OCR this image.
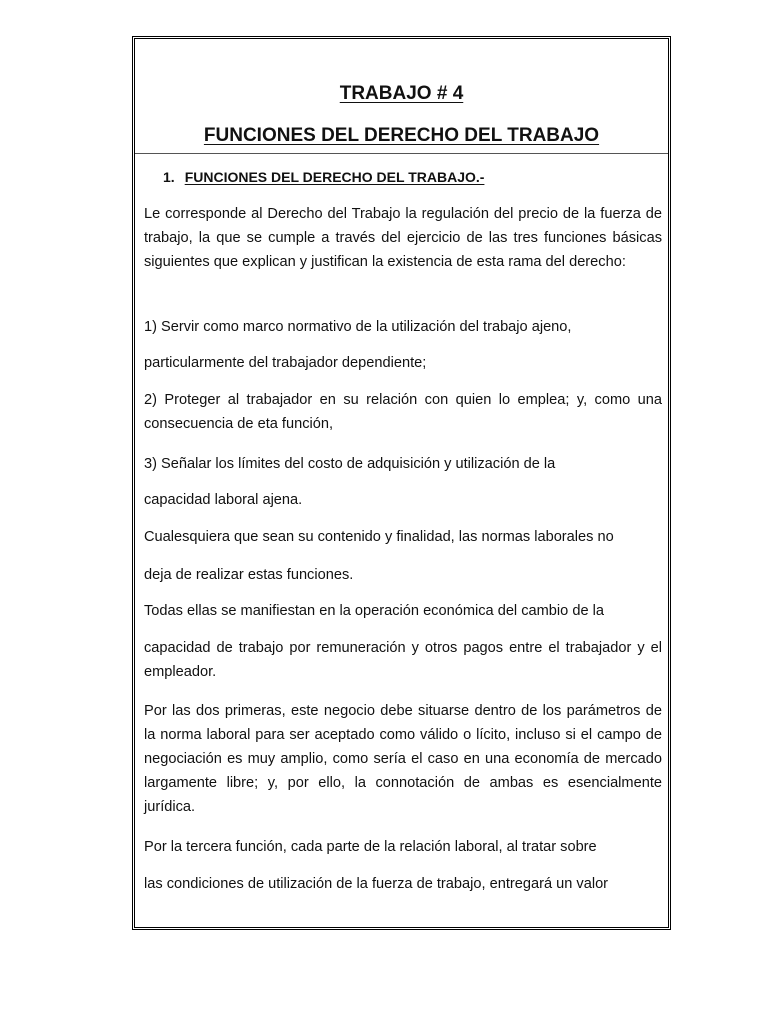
TRABAJO # 4
FUNCIONES DEL DERECHO DEL TRABAJO
1. FUNCIONES DEL DERECHO DEL TRABAJO.-

Le corresponde al Derecho del Trabajo la regulación del precio de la fuerza de trabajo, la que se cumple a través del ejercicio de las tres funciones básicas siguientes que explican y justifican la existencia de esta rama del derecho:

1) Servir como marco normativo de la utilización del trabajo ajeno,

particularmente del trabajador dependiente;

2) Proteger al trabajador en su relación con quien lo emplea; y, como una consecuencia de eta función,

3) Señalar los límites del costo de adquisición y utilización de la

capacidad laboral ajena.

Cualesquiera que sean su contenido y finalidad, las normas laborales no

deja de realizar estas funciones.

Todas ellas se manifiestan en la operación económica del cambio de la

capacidad de trabajo por remuneración y otros pagos entre el trabajador y el empleador.

Por las dos primeras, este negocio debe situarse dentro de los parámetros de la norma laboral para ser aceptado como válido o lícito, incluso si el campo de negociación es muy amplio, como sería el caso en una economía de mercado largamente libre; y, por ello, la connotación de ambas es esencialmente jurídica.

Por la tercera función, cada parte de la relación laboral, al tratar sobre

las condiciones de utilización de la fuerza de trabajo, entregará un valor
